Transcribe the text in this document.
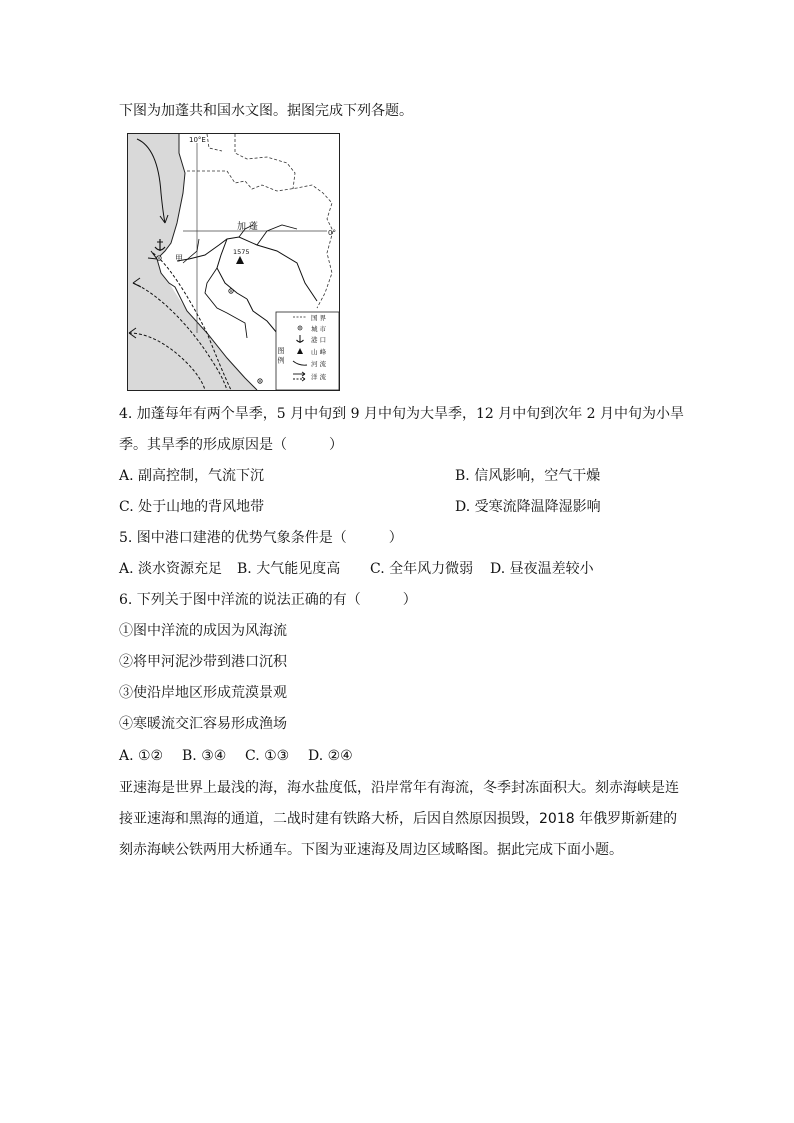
下图为加蓬共和国水文图。据图完成下列各题。
10°E
0°
1575
加 蓬
甲
图 例
国 界
城 市
港 口
山 峰
河 流
洋 流
4. 加蓬每年有两个旱季，5 月中旬到 9 月中旬为大旱季，12 月中旬到次年 2 月中旬为小旱
季。其旱季的形成原因是（　　　）
A. 副高控制，气流下沉	B. 信风影响，空气干燥
C. 处于山地的背风地带	D. 受寒流降温降湿影响
5. 图中港口建港的优势气象条件是（　　　）
A. 淡水资源充足 B. 大气能见度高 C. 全年风力微弱 D. 昼夜温差较小
6. 下列关于图中洋流的说法正确的有（　　　）
①图中洋流的成因为风海流
②将甲河泥沙带到港口沉积
③使沿岸地区形成荒漠景观
④寒暖流交汇容易形成渔场
A. ①② B. ③④ C. ①③ D. ②④
亚速海是世界上最浅的海，海水盐度低，沿岸常年有海流，冬季封冻面积大。刻赤海峡是连
接亚速海和黑海的通道，二战时建有铁路大桥，后因自然原因损毁，2018 年俄罗斯新建的
刻赤海峡公铁两用大桥通车。下图为亚速海及周边区域略图。据此完成下面小题。
